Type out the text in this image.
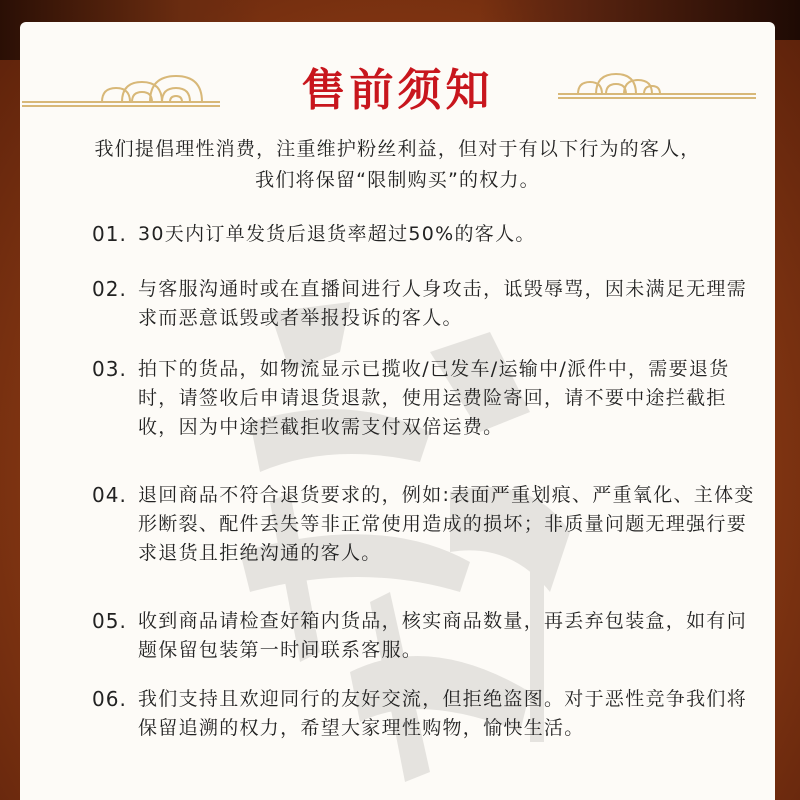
售前须知

我们提倡理性消费，注重维护粉丝利益，但对于有以下行为的客人，

我们将保留“限制购买”的权力。

01. 30天内订单发货后退货率超过50%的客人。
02. 与客服沟通时或在直播间进行人身攻击，诋毁辱骂，因未满足无理需求而恶意诋毁或者举报投诉的客人。
03. 拍下的货品，如物流显示已揽收/已发车/运输中/派件中，需要退货时，请签收后申请退货退款，使用运费险寄回，请不要中途拦截拒收，因为中途拦截拒收需支付双倍运费。
04. 退回商品不符合退货要求的，例如:表面严重划痕、严重氧化、主体变形断裂、配件丢失等非正常使用造成的损坏；非质量问题无理强行要求退货且拒绝沟通的客人。
05. 收到商品请检查好箱内货品，核实商品数量，再丢弃包装盒，如有问题保留包装第一时间联系客服。
06. 我们支持且欢迎同行的友好交流，但拒绝盗图。对于恶性竞争我们将保留追溯的权力，希望大家理性购物，愉快生活。
